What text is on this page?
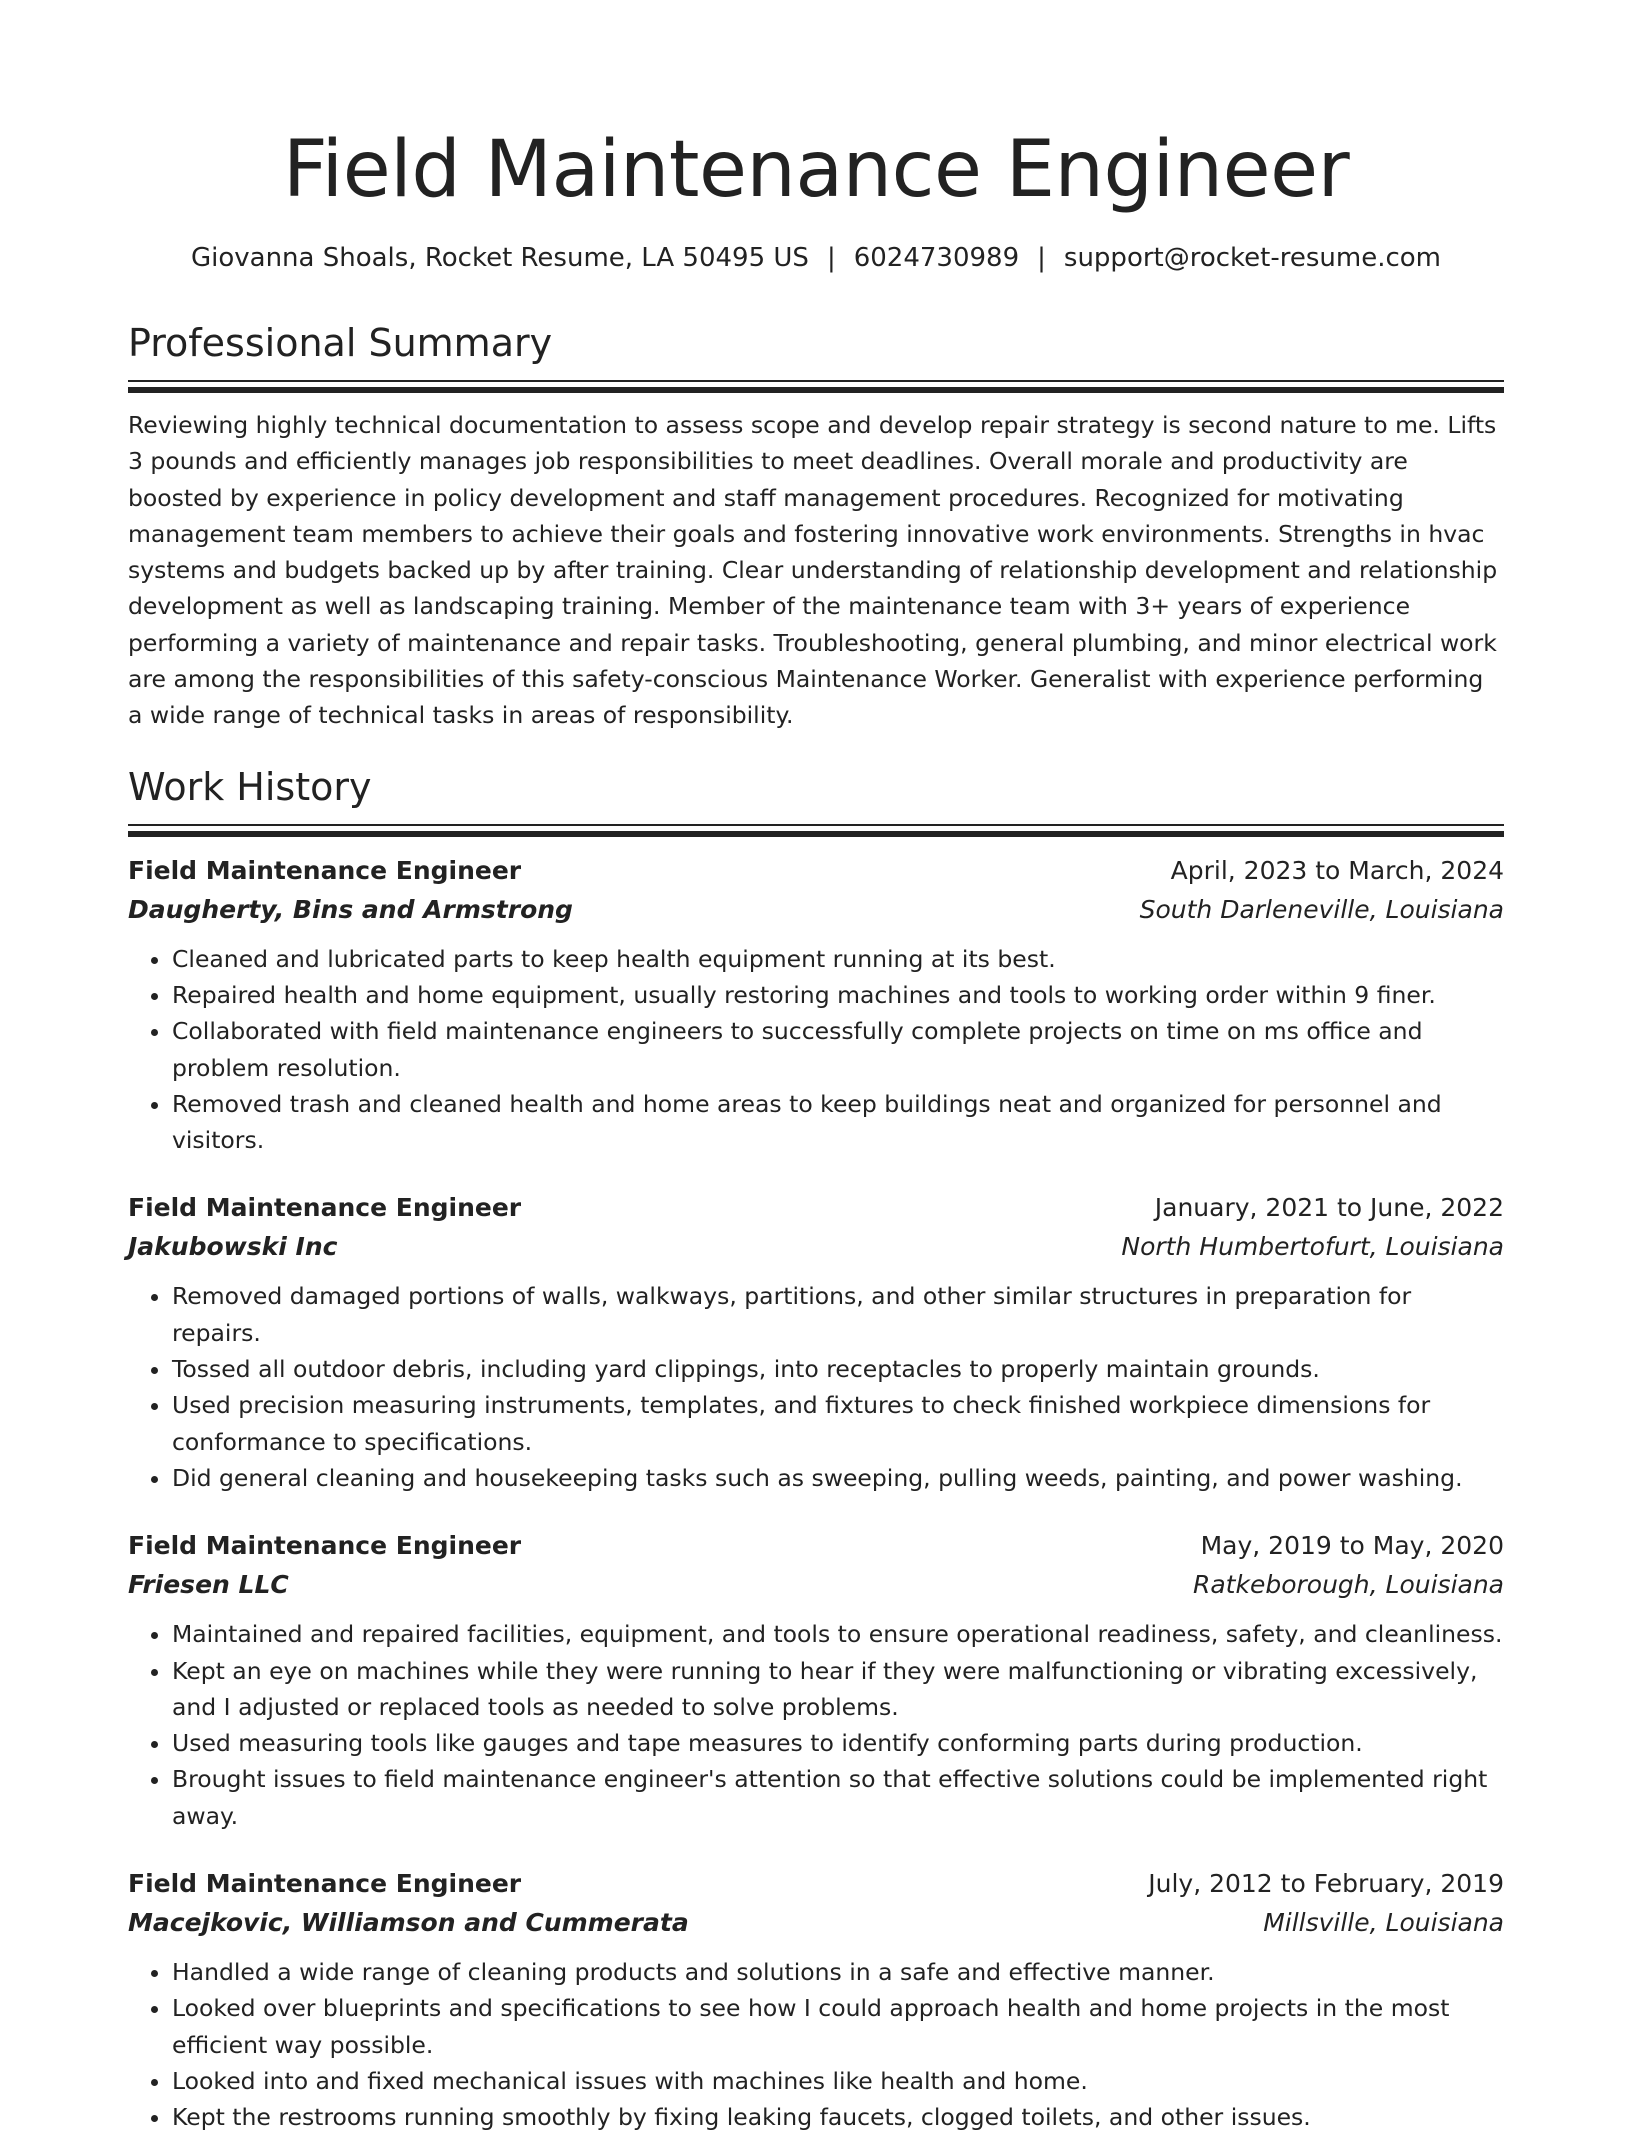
Field Maintenance Engineer
Giovanna Shoals, Rocket Resume, LA 50495 US | 6024730989 | support@rocket-resume.com
Professional Summary
Reviewing highly technical documentation to assess scope and develop repair strategy is second nature to me. Lifts 3 pounds and efficiently manages job responsibilities to meet deadlines. Overall morale and productivity are boosted by experience in policy development and staff management procedures. Recognized for motivating management team members to achieve their goals and fostering innovative work environments. Strengths in hvac systems and budgets backed up by after training. Clear understanding of relationship development and relationship development as well as landscaping training. Member of the maintenance team with 3+ years of experience performing a variety of maintenance and repair tasks. Troubleshooting, general plumbing, and minor electrical work are among the responsibilities of this safety-conscious Maintenance Worker. Generalist with experience performing a wide range of technical tasks in areas of responsibility.
Work History
Field Maintenance Engineer	April, 2023 to March, 2024
Daugherty, Bins and Armstrong	South Darleneville, Louisiana
• Cleaned and lubricated parts to keep health equipment running at its best.
• Repaired health and home equipment, usually restoring machines and tools to working order within 9 finer.
• Collaborated with field maintenance engineers to successfully complete projects on time on ms office and problem resolution.
• Removed trash and cleaned health and home areas to keep buildings neat and organized for personnel and visitors.
Field Maintenance Engineer	January, 2021 to June, 2022
Jakubowski Inc	North Humbertofurt, Louisiana
• Removed damaged portions of walls, walkways, partitions, and other similar structures in preparation for repairs.
• Tossed all outdoor debris, including yard clippings, into receptacles to properly maintain grounds.
• Used precision measuring instruments, templates, and fixtures to check finished workpiece dimensions for conformance to specifications.
• Did general cleaning and housekeeping tasks such as sweeping, pulling weeds, painting, and power washing.
Field Maintenance Engineer	May, 2019 to May, 2020
Friesen LLC	Ratkeborough, Louisiana
• Maintained and repaired facilities, equipment, and tools to ensure operational readiness, safety, and cleanliness.
• Kept an eye on machines while they were running to hear if they were malfunctioning or vibrating excessively, and I adjusted or replaced tools as needed to solve problems.
• Used measuring tools like gauges and tape measures to identify conforming parts during production.
• Brought issues to field maintenance engineer's attention so that effective solutions could be implemented right away.
Field Maintenance Engineer	July, 2012 to February, 2019
Macejkovic, Williamson and Cummerata	Millsville, Louisiana
• Handled a wide range of cleaning products and solutions in a safe and effective manner.
• Looked over blueprints and specifications to see how I could approach health and home projects in the most efficient way possible.
• Looked into and fixed mechanical issues with machines like health and home.
• Kept the restrooms running smoothly by fixing leaking faucets, clogged toilets, and other issues.
